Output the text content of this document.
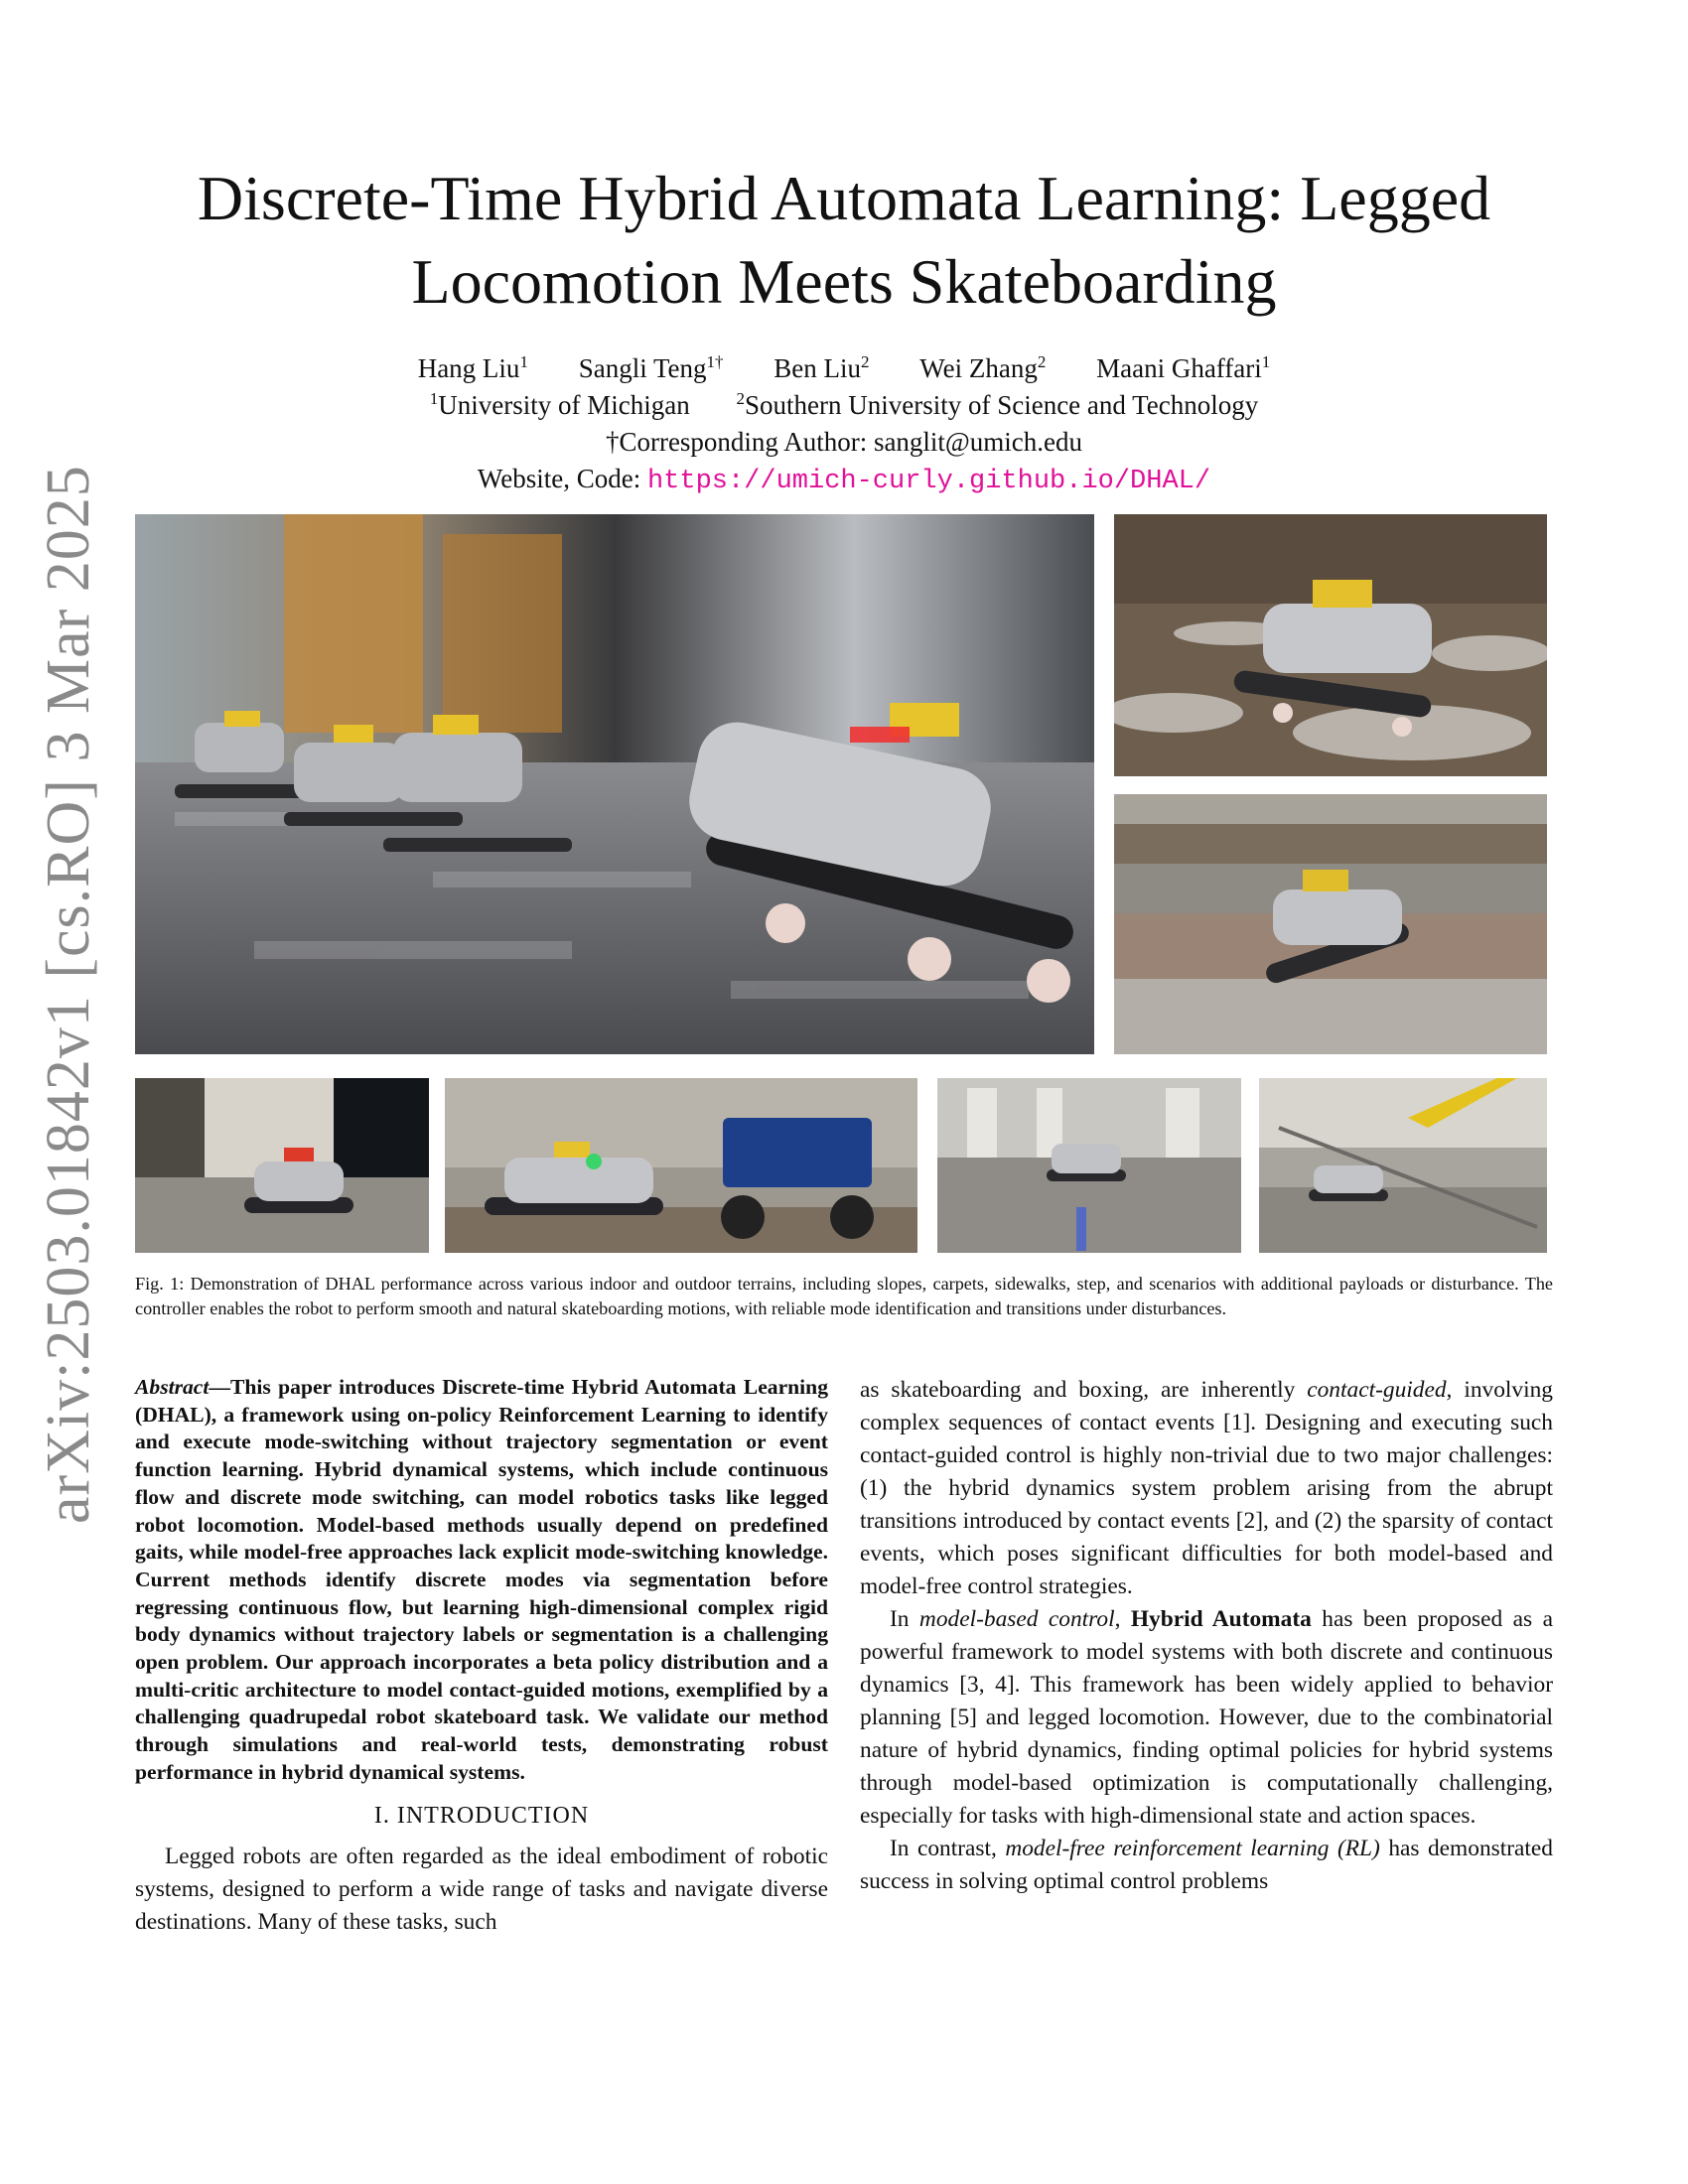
arXiv:2503.01842v1 [cs.RO] 3 Mar 2025
Discrete-Time Hybrid Automata Learning: Legged
Locomotion Meets Skateboarding
Hang Liu$^1$ Sangli Teng$^{1\dagger}$ Ben Liu$^2$ Wei Zhang$^2$ Maani Ghaffari$^1$
$^1$University of Michigan	$^2$Southern University of Science and Technology
†Corresponding Author: sanglit@umich.edu
Website, Code: https://umich-curly.github.io/DHAL/
Fig. 1: Demonstration of DHAL performance across various indoor and outdoor terrains, including slopes, carpets, sidewalks, step, and scenarios with additional payloads or disturbance. The controller enables the robot to perform smooth and natural skateboarding motions, with reliable mode identification and transitions under disturbances.

Abstract—This paper introduces Discrete-time Hybrid Automata Learning (DHAL), a framework using on-policy Reinforcement Learning to identify and execute mode-switching without trajectory segmentation or event function learning. Hybrid dynamical systems, which include continuous flow and discrete mode switching, can model robotics tasks like legged robot locomotion. Model-based methods usually depend on predefined gaits, while model-free approaches lack explicit mode-switching knowledge. Current methods identify discrete modes via segmentation before regressing continuous flow, but learning high-dimensional complex rigid body dynamics without trajectory labels or segmentation is a challenging open problem. Our approach incorporates a beta policy distribution and a multi-critic architecture to model contact-guided motions, exemplified by a challenging quadrupedal robot skateboard task. We validate our method through simulations and real-world tests, demonstrating robust performance in hybrid dynamical systems.

I. INTRODUCTION

Legged robots are often regarded as the ideal embodiment of robotic systems, designed to perform a wide range of tasks and navigate diverse destinations. Many of these tasks, such

as skateboarding and boxing, are inherently contact-guided, involving complex sequences of contact events [1]. Designing and executing such contact-guided control is highly non-trivial due to two major challenges: (1) the hybrid dynamics system problem arising from the abrupt transitions introduced by contact events [2], and (2) the sparsity of contact events, which poses significant difficulties for both model-based and model-free control strategies.

In model-based control, Hybrid Automata has been proposed as a powerful framework to model systems with both discrete and continuous dynamics [3, 4]. This framework has been widely applied to behavior planning [5] and legged locomotion. However, due to the combinatorial nature of hybrid dynamics, finding optimal policies for hybrid systems through model-based optimization is computationally challenging, especially for tasks with high-dimensional state and action spaces.

In contrast, model-free reinforcement learning (RL) has demonstrated success in solving optimal control problems
